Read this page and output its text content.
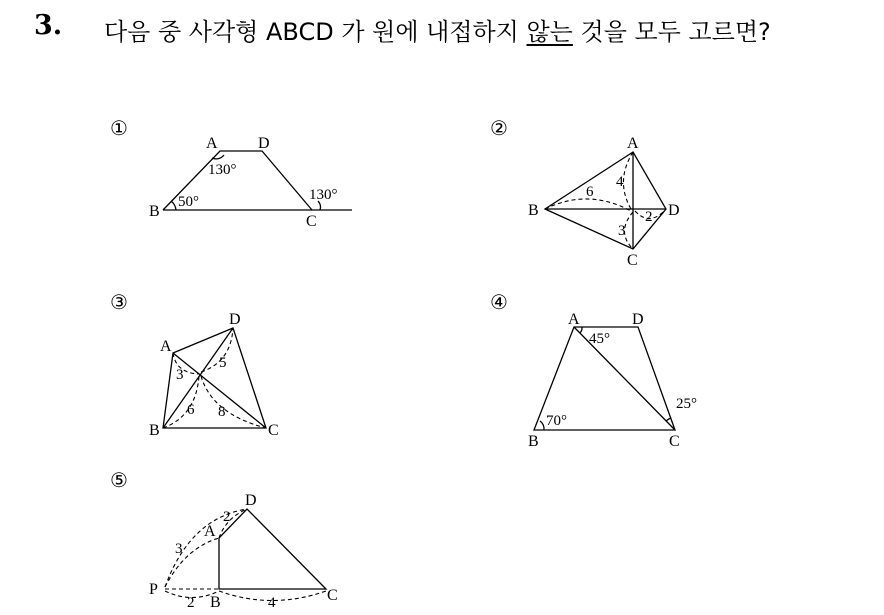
3. 다음 중 사각형 ABCD 가 원에 내접하지 않는 것을 모두 고르면?
①
A	D
B
C
130°
50°	130°
②
A
B
C
D
6
4
2
3
③
A
D
B	C
5
3
6 8
④
A	D
B	C
45°
70°
25°
⑤
A
D
P
B	C
2
3
2	4
